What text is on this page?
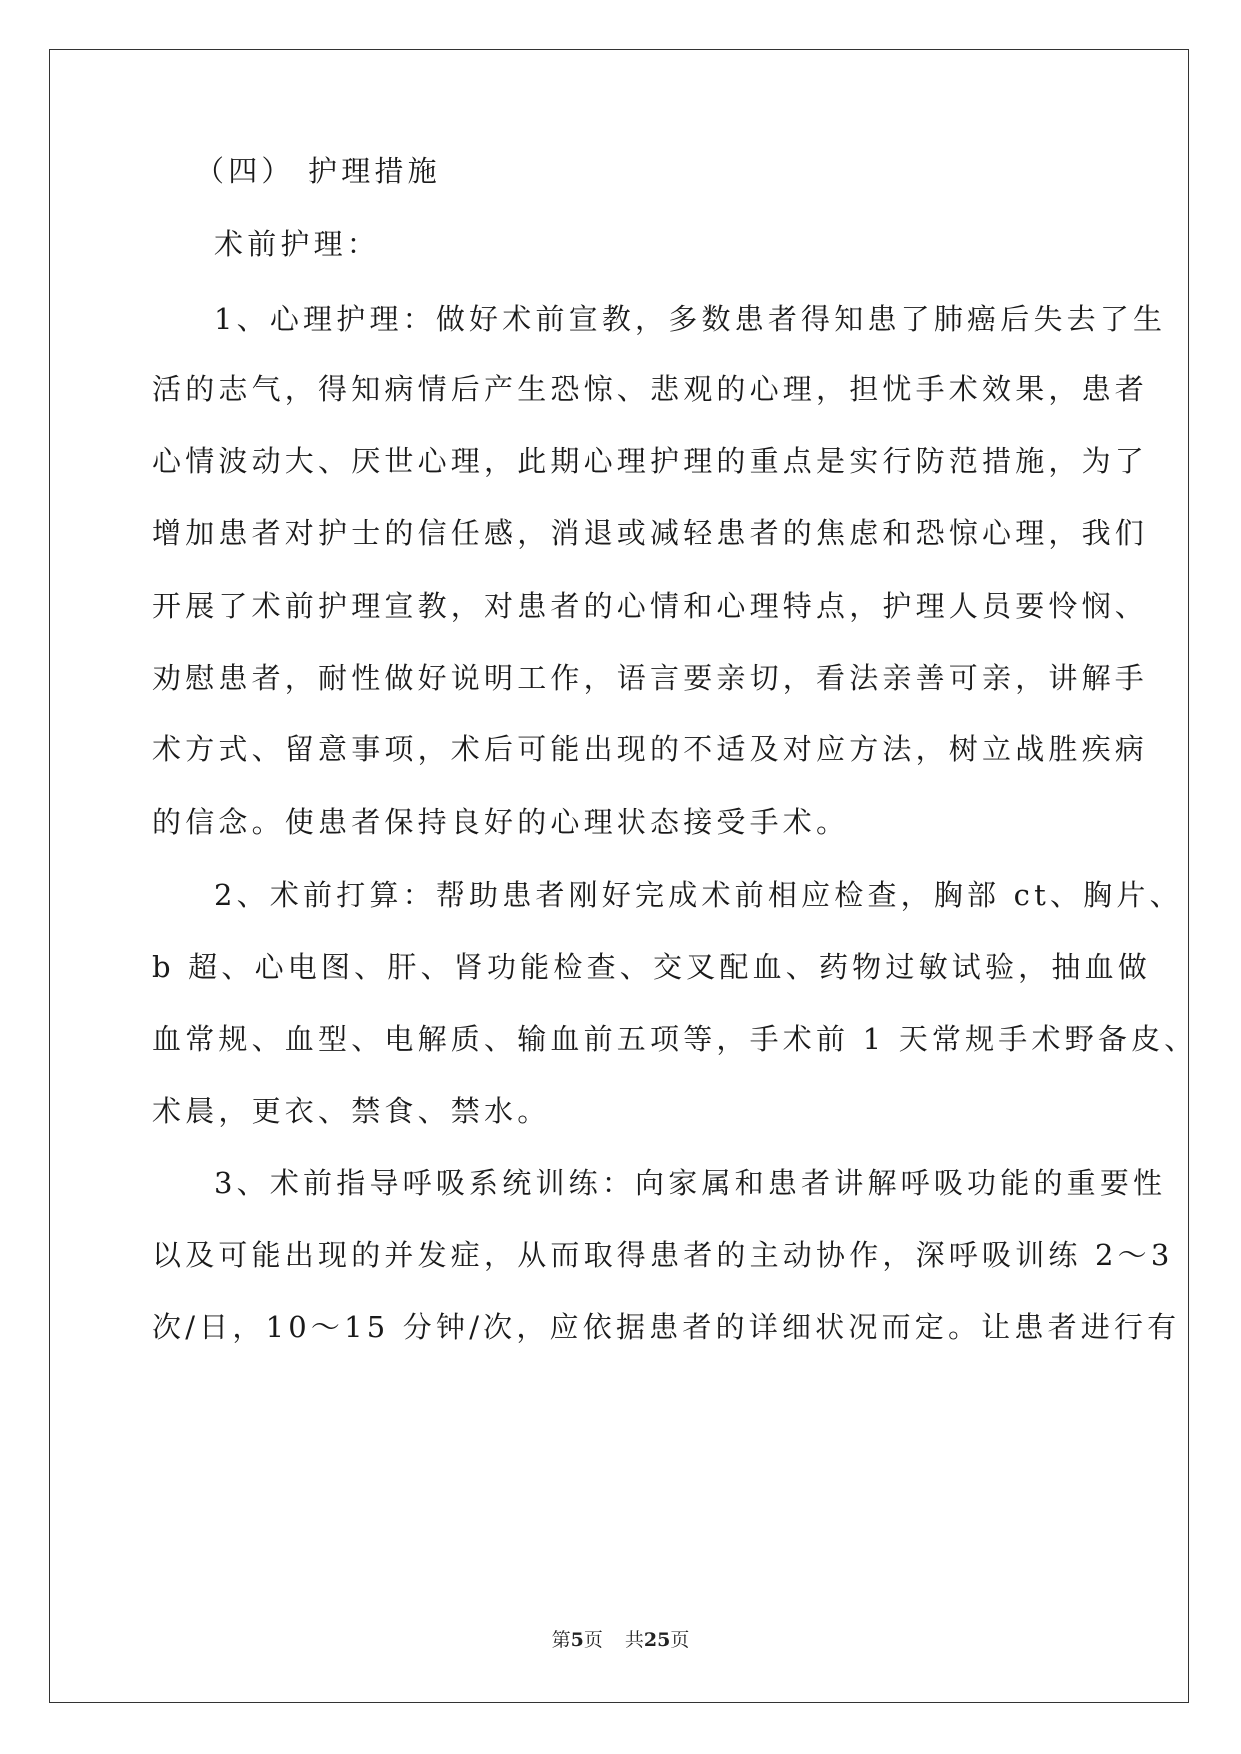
（四） 护理措施
术前护理：
1、心理护理：做好术前宣教，多数患者得知患了肺癌后失去了生
活的志气，得知病情后产生恐惊、悲观的心理，担忧手术效果，患者
心情波动大、厌世心理，此期心理护理的重点是实行防范措施，为了
增加患者对护士的信任感，消退或减轻患者的焦虑和恐惊心理，我们
开展了术前护理宣教，对患者的心情和心理特点，护理人员要怜悯、
劝慰患者，耐性做好说明工作，语言要亲切，看法亲善可亲，讲解手
术方式、留意事项，术后可能出现的不适及对应方法，树立战胜疾病
的信念。使患者保持良好的心理状态接受手术。
2、术前打算：帮助患者刚好完成术前相应检查，胸部 ct、胸片、
b 超、心电图、肝、肾功能检查、交叉配血、药物过敏试验，抽血做
血常规、血型、电解质、输血前五项等，手术前 1 天常规手术野备皮、
术晨，更衣、禁食、禁水。
3、术前指导呼吸系统训练：向家属和患者讲解呼吸功能的重要性
以及可能出现的并发症，从而取得患者的主动协作，深呼吸训练 2～3
次/日，10～15 分钟/次，应依据患者的详细状况而定。让患者进行有
第5页 共25页
